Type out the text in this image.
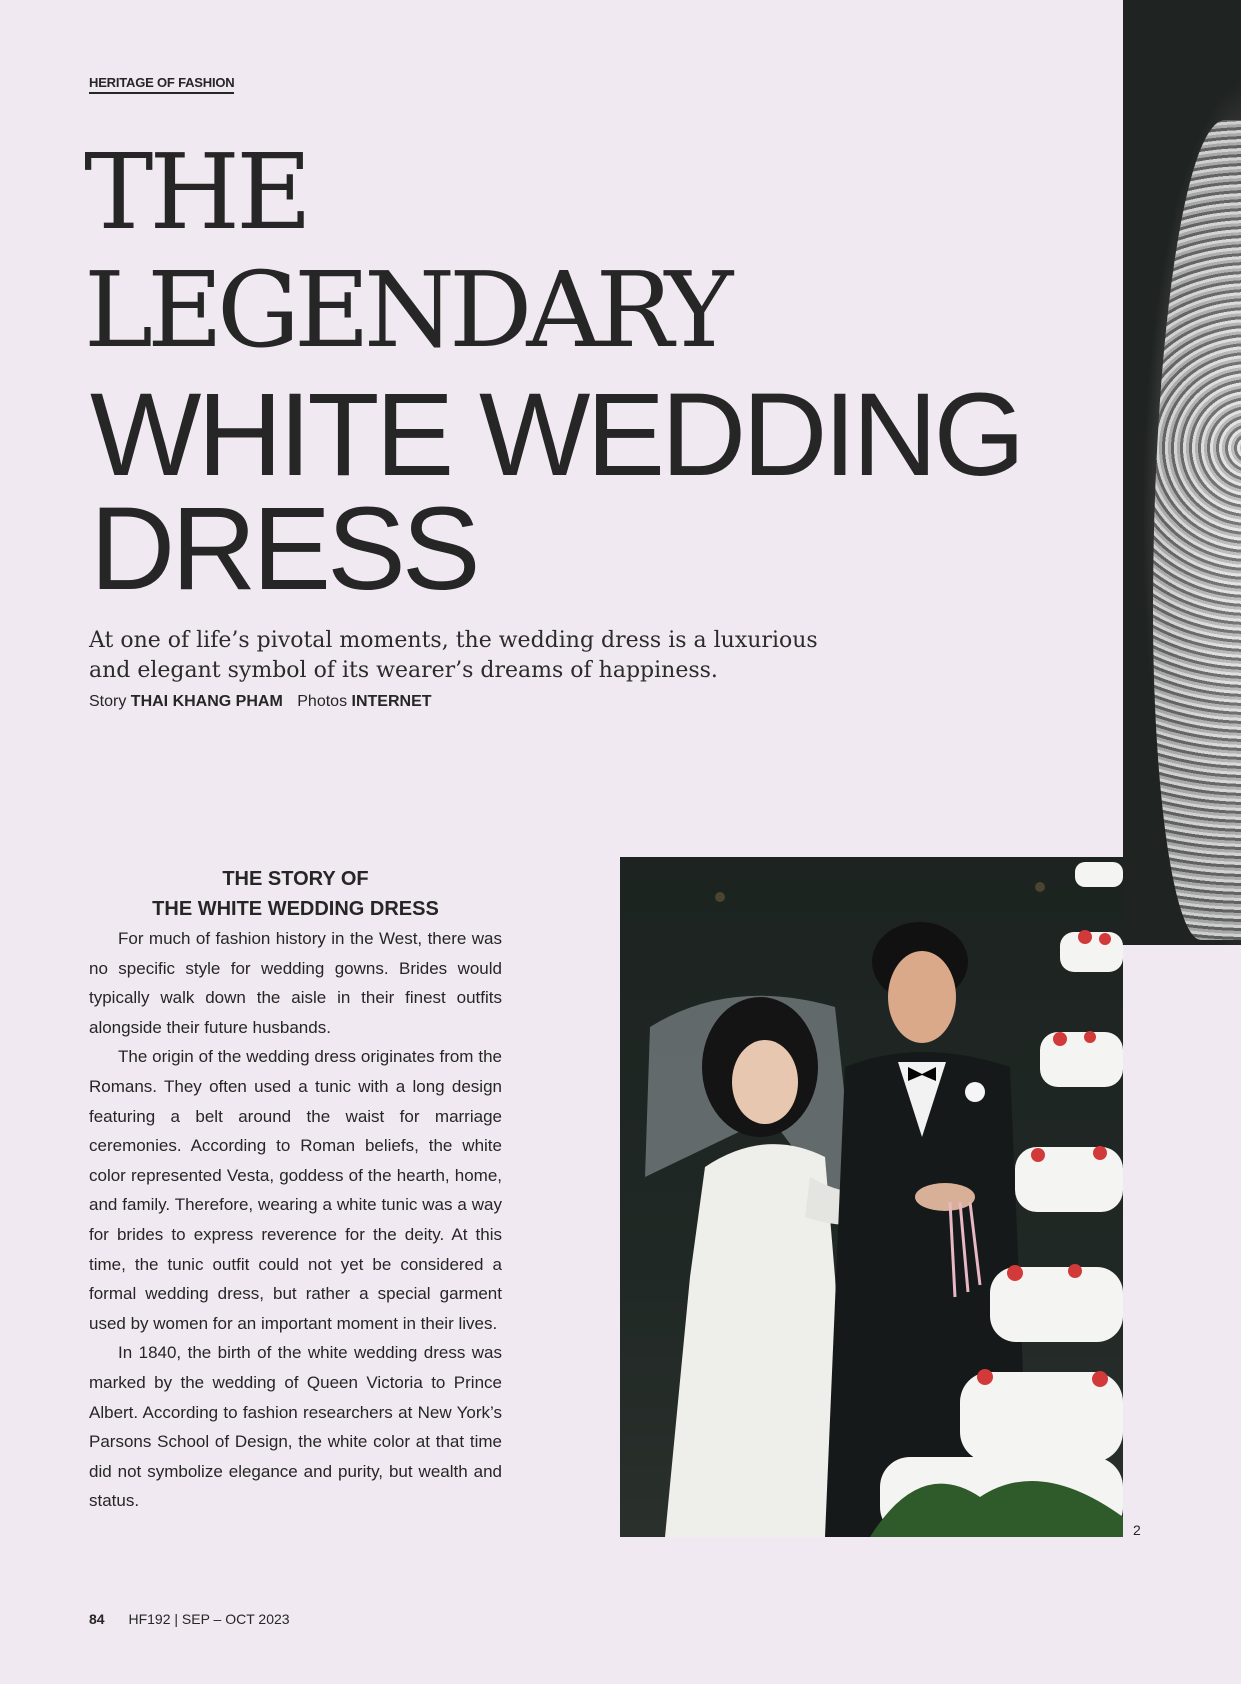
HERITAGE OF FASHION
THE
LEGENDARY
WHITE WEDDING
DRESS
At one of life’s pivotal moments, the wedding dress is a luxurious
and elegant symbol of its wearer’s dreams of happiness.
Story THAI KHANG PHAM Photos INTERNET
THE STORY OF
THE WHITE WEDDING DRESS

For much of fashion history in the West, there was no specific style for wedding gowns. Brides would typically walk down the aisle in their finest outfits alongside their future husbands.

The origin of the wedding dress originates from the Romans. They often used a tunic with a long design featuring a belt around the waist for marriage ceremonies. According to Roman beliefs, the white color represented Vesta, goddess of the hearth, home, and family. Therefore, wearing a white tunic was a way for brides to express reverence for the deity. At this time, the tunic outfit could not yet be considered a formal wedding dress, but rather a special garment used by women for an important moment in their lives.

In 1840, the birth of the white wedding dress was marked by the wedding of Queen Victoria to Prince Albert. According to fashion researchers at New York’s Parsons School of Design, the white color at that time did not symbolize elegance and purity, but wealth and status.

2
84 HF192 | SEP – OCT 2023
